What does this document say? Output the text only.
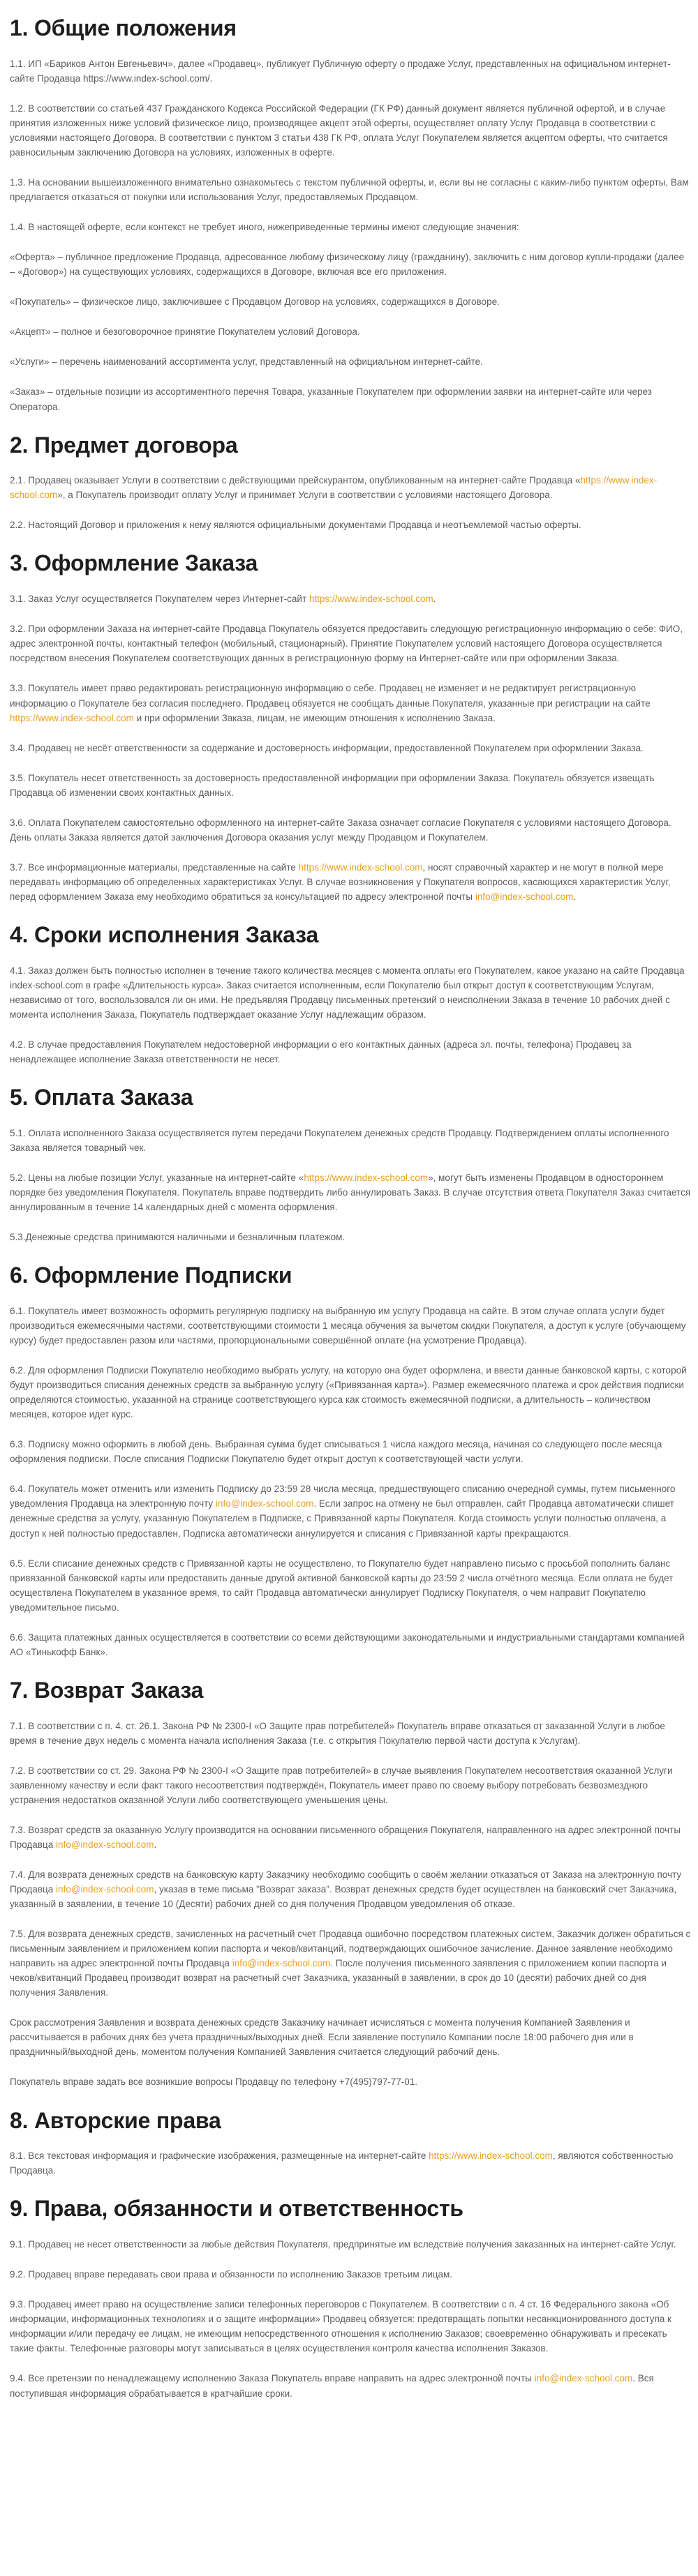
1. Общие положения

1.1. ИП «Бариков Антон Евгеньевич», далее «Продавец», публикует Публичную оферту о продаже Услуг, представленных на официальном интернет-сайте Продавца https://www.index-school.com/.

1.2. В соответствии со статьей 437 Гражданского Кодекса Российской Федерации (ГК РФ) данный документ является публичной офертой, и в случае принятия изложенных ниже условий физическое лицо, производящее акцепт этой оферты, осуществляет оплату Услуг Продавца в соответствии с условиями настоящего Договора. В соответствии с пунктом 3 статьи 438 ГК РФ, оплата Услуг Покупателем является акцептом оферты, что считается равносильным заключению Договора на условиях, изложенных в оферте.

1.3. На основании вышеизложенного внимательно ознакомьтесь с текстом публичной оферты, и, если вы не согласны с каким-либо пунктом оферты, Вам предлагается отказаться от покупки или использования Услуг, предоставляемых Продавцом.

1.4. В настоящей оферте, если контекст не требует иного, нижеприведенные термины имеют следующие значения:

«Оферта» – публичное предложение Продавца, адресованное любому физическому лицу (гражданину), заключить с ним договор купли-продажи (далее – «Договор») на существующих условиях, содержащихся в Договоре, включая все его приложения.

«Покупатель» – физическое лицо, заключившее с Продавцом Договор на условиях, содержащихся в Договоре.

«Акцепт» – полное и безоговорочное принятие Покупателем условий Договора.

«Услуги» – перечень наименований ассортимента услуг, представленный на официальном интернет-сайте.

«Заказ» – отдельные позиции из ассортиментного перечня Товара, указанные Покупателем при оформлении заявки на интернет-сайте или через Оператора.

2. Предмет договора

2.1. Продавец оказывает Услуги в соответствии с действующими прейскурантом, опубликованным на интернет-сайте Продавца «https://www.index-school.com», а Покупатель производит оплату Услуг и принимает Услуги в соответствии с условиями настоящего Договора.

2.2. Настоящий Договор и приложения к нему являются официальными документами Продавца и неотъемлемой частью оферты.

3. Оформление Заказа

3.1. Заказ Услуг осуществляется Покупателем через Интернет-сайт https://www.index-school.com.

3.2. При оформлении Заказа на интернет-сайте Продавца Покупатель обязуется предоставить следующую регистрационную информацию о себе: ФИО, адрес электронной почты, контактный телефон (мобильный, стационарный). Принятие Покупателем условий настоящего Договора осуществляется посредством внесения Покупателем соответствующих данных в регистрационную форму на Интернет-сайте или при оформлении Заказа.

3.3. Покупатель имеет право редактировать регистрационную информацию о себе. Продавец не изменяет и не редактирует регистрационную информацию о Покупателе без согласия последнего. Продавец обязуется не сообщать данные Покупателя, указанные при регистрации на сайте https://www.index-school.com и при оформлении Заказа, лицам, не имеющим отношения к исполнению Заказа.

3.4. Продавец не несёт ответственности за содержание и достоверность информации, предоставленной Покупателем при оформлении Заказа.

3.5. Покупатель несет ответственность за достоверность предоставленной информации при оформлении Заказа. Покупатель обязуется извещать Продавца об изменении своих контактных данных.

3.6. Оплата Покупателем самостоятельно оформленного на интернет-сайте Заказа означает согласие Покупателя с условиями настоящего Договора. День оплаты Заказа является датой заключения Договора оказания услуг между Продавцом и Покупателем.

3.7. Все информационные материалы, представленные на сайте https://www.index-school.com, носят справочный характер и не могут в полной мере передавать информацию об определенных характеристиках Услуг. В случае возникновения у Покупателя вопросов, касающихся характеристик Услуг, перед оформлением Заказа ему необходимо обратиться за консультацией по адресу электронной почты info@index-school.com.

4. Сроки исполнения Заказа

4.1. Заказ должен быть полностью исполнен в течение такого количества месяцев с момента оплаты его Покупателем, какое указано на сайте Продавца index-school.com в графе «Длительность курса». Заказ считается исполненным, если Покупателю был открыт доступ к соответствующим Услугам, независимо от того, воспользовался ли он ими. Не предъявляя Продавцу письменных претензий о неисполнении Заказа в течение 10 рабочих дней с момента исполнения Заказа, Покупатель подтверждает оказание Услуг надлежащим образом.

4.2. В случае предоставления Покупателем недостоверной информации о его контактных данных (адреса эл. почты, телефона) Продавец за ненадлежащее исполнение Заказа ответственности не несет.

5. Оплата Заказа

5.1. Оплата исполненного Заказа осуществляется путем передачи Покупателем денежных средств Продавцу. Подтверждением оплаты исполненного Заказа является товарный чек.

5.2. Цены на любые позиции Услуг, указанные на интернет-сайте «https://www.index-school.com», могут быть изменены Продавцом в одностороннем порядке без уведомления Покупателя. Покупатель вправе подтвердить либо аннулировать Заказ. В случае отсутствия ответа Покупателя Заказ считается аннулированным в течение 14 календарных дней с момента оформления.

5.3.Денежные средства принимаются наличными и безналичным платежом.

6. Оформление Подписки

6.1. Покупатель имеет возможность оформить регулярную подписку на выбранную им услугу Продавца на сайте. В этом случае оплата услуги будет производиться ежемесячными частями, соответствующими стоимости 1 месяца обучения за вычетом скидки Покупателя, а доступ к услуге (обучающему курсу) будет предоставлен разом или частями, пропорциональными совершённой оплате (на усмотрение Продавца).

6.2. Для оформления Подписки Покупателю необходимо выбрать услугу, на которую она будет оформлена, и ввести данные банковской карты, с которой будут производиться списания денежных средств за выбранную услугу («Привязанная карта»). Размер ежемесячного платежа и срок действия подписки определяются стоимостью, указанной на странице соответствующего курса как стоимость ежемесячной подписки, а длительность – количеством месяцев, которое идет курс.

6.3. Подписку можно оформить в любой день. Выбранная сумма будет списываться 1 числа каждого месяца, начиная со следующего после месяца оформления подписки. После списания Подписки Покупателю будет открыт доступ к соответствующей части услуги.

6.4. Покупатель может отменить или изменить Подписку до 23:59 28 числа месяца, предшествующего списанию очередной суммы, путем письменного уведомления Продавца на электронную почту info@index-school.com. Если запрос на отмену не был отправлен, сайт Продавца автоматически спишет денежные средства за услугу, указанную Покупателем в Подписке, с Привязанной карты Покупателя. Когда стоимость услуги полностью оплачена, а доступ к ней полностью предоставлен, Подписка автоматически аннулируется и списания с Привязанной карты прекращаются.

6.5. Если списание денежных средств с Привязанной карты не осуществлено, то Покупателю будет направлено письмо с просьбой пополнить баланс привязанной банковской карты или предоставить данные другой активной банковской карты до 23:59 2 числа отчётного месяца. Если оплата не будет осуществлена Покупателем в указанное время, то сайт Продавца автоматически аннулирует Подписку Покупателя, о чем направит Покупателю уведомительное письмо.

6.6. Защита платежных данных осуществляется в соответствии со всеми действующими законодательными и индустриальными стандартами компанией АО «Тинькофф Банк».

7. Возврат Заказа

7.1. В соответствии с п. 4. ст. 26.1. Закона РФ № 2300-I «О Защите прав потребителей» Покупатель вправе отказаться от заказанной Услуги в любое время в течение двух недель с момента начала исполнения Заказа (т.е. с открытия Покупателю первой части доступа к Услугам).

7.2. В соответствии со ст. 29. Закона РФ № 2300-I «О Защите прав потребителей» в случае выявления Покупателем несоответствия оказанной Услуги заявленному качеству и если факт такого несоответствия подтверждён, Покупатель имеет право по своему выбору потребовать безвозмездного устранения недостатков оказанной Услуги либо соответствующего уменьшения цены.

7.3. Возврат средств за оказанную Услугу производится на основании письменного обращения Покупателя, направленного на адрес электронной почты Продавца info@index-school.com.

7.4. Для возврата денежных средств на банковскую карту Заказчику необходимо сообщить о своём желании отказаться от Заказа на электронную почту Продавца info@index-school.com, указав в теме письма "Возврат заказа". Возврат денежных средств будет осуществлен на банковский счет Заказчика, указанный в заявлении, в течение 10 (Десяти) рабочих дней со дня получения Продавцом уведомления об отказе.

7.5. Для возврата денежных средств, зачисленных на расчетный счет Продавца ошибочно посредством платежных систем, Заказчик должен обратиться с письменным заявлением и приложением копии паспорта и чеков/квитанций, подтверждающих ошибочное зачисление. Данное заявление необходимо направить на адрес электронной почты Продавца info@index-school.com. После получения письменного заявления с приложением копии паспорта и чеков/квитанций Продавец производит возврат на расчетный счет Заказчика, указанный в заявлении, в срок до 10 (десяти) рабочих дней со дня получения Заявления.

Срок рассмотрения Заявления и возврата денежных средств Заказчику начинает исчисляться с момента получения Компанией Заявления и рассчитывается в рабочих днях без учета праздничных/выходных дней. Если заявление поступило Компании после 18:00 рабочего дня или в праздничный/выходной день, моментом получения Компанией Заявления считается следующий рабочий день.

Покупатель вправе задать все возникшие вопросы Продавцу по телефону +7(495)797-77-01.

8. Авторские права

8.1. Вся текстовая информация и графические изображения, размещенные на интернет-сайте https://www.index-school.com, являются собственностью Продавца.

9. Права, обязанности и ответственность

9.1. Продавец не несет ответственности за любые действия Покупателя, предпринятые им вследствие получения заказанных на интернет-сайте Услуг.

9.2. Продавец вправе передавать свои права и обязанности по исполнению Заказов третьим лицам.

9.3. Продавец имеет право на осуществление записи телефонных переговоров с Покупателем. В соответствии с п. 4 ст. 16 Федерального закона «Об информации, информационных технологиях и о защите информации» Продавец обязуется: предотвращать попытки несанкционированного доступа к информации и/или передачу ее лицам, не имеющим непосредственного отношения к исполнению Заказов; своевременно обнаруживать и пресекать такие факты. Телефонные разговоры могут записываться в целях осуществления контроля качества исполнения Заказов.

9.4. Все претензии по ненадлежащему исполнению Заказа Покупатель вправе направить на адрес электронной почты info@index-school.com. Вся поступившая информация обрабатывается в кратчайшие сроки.
